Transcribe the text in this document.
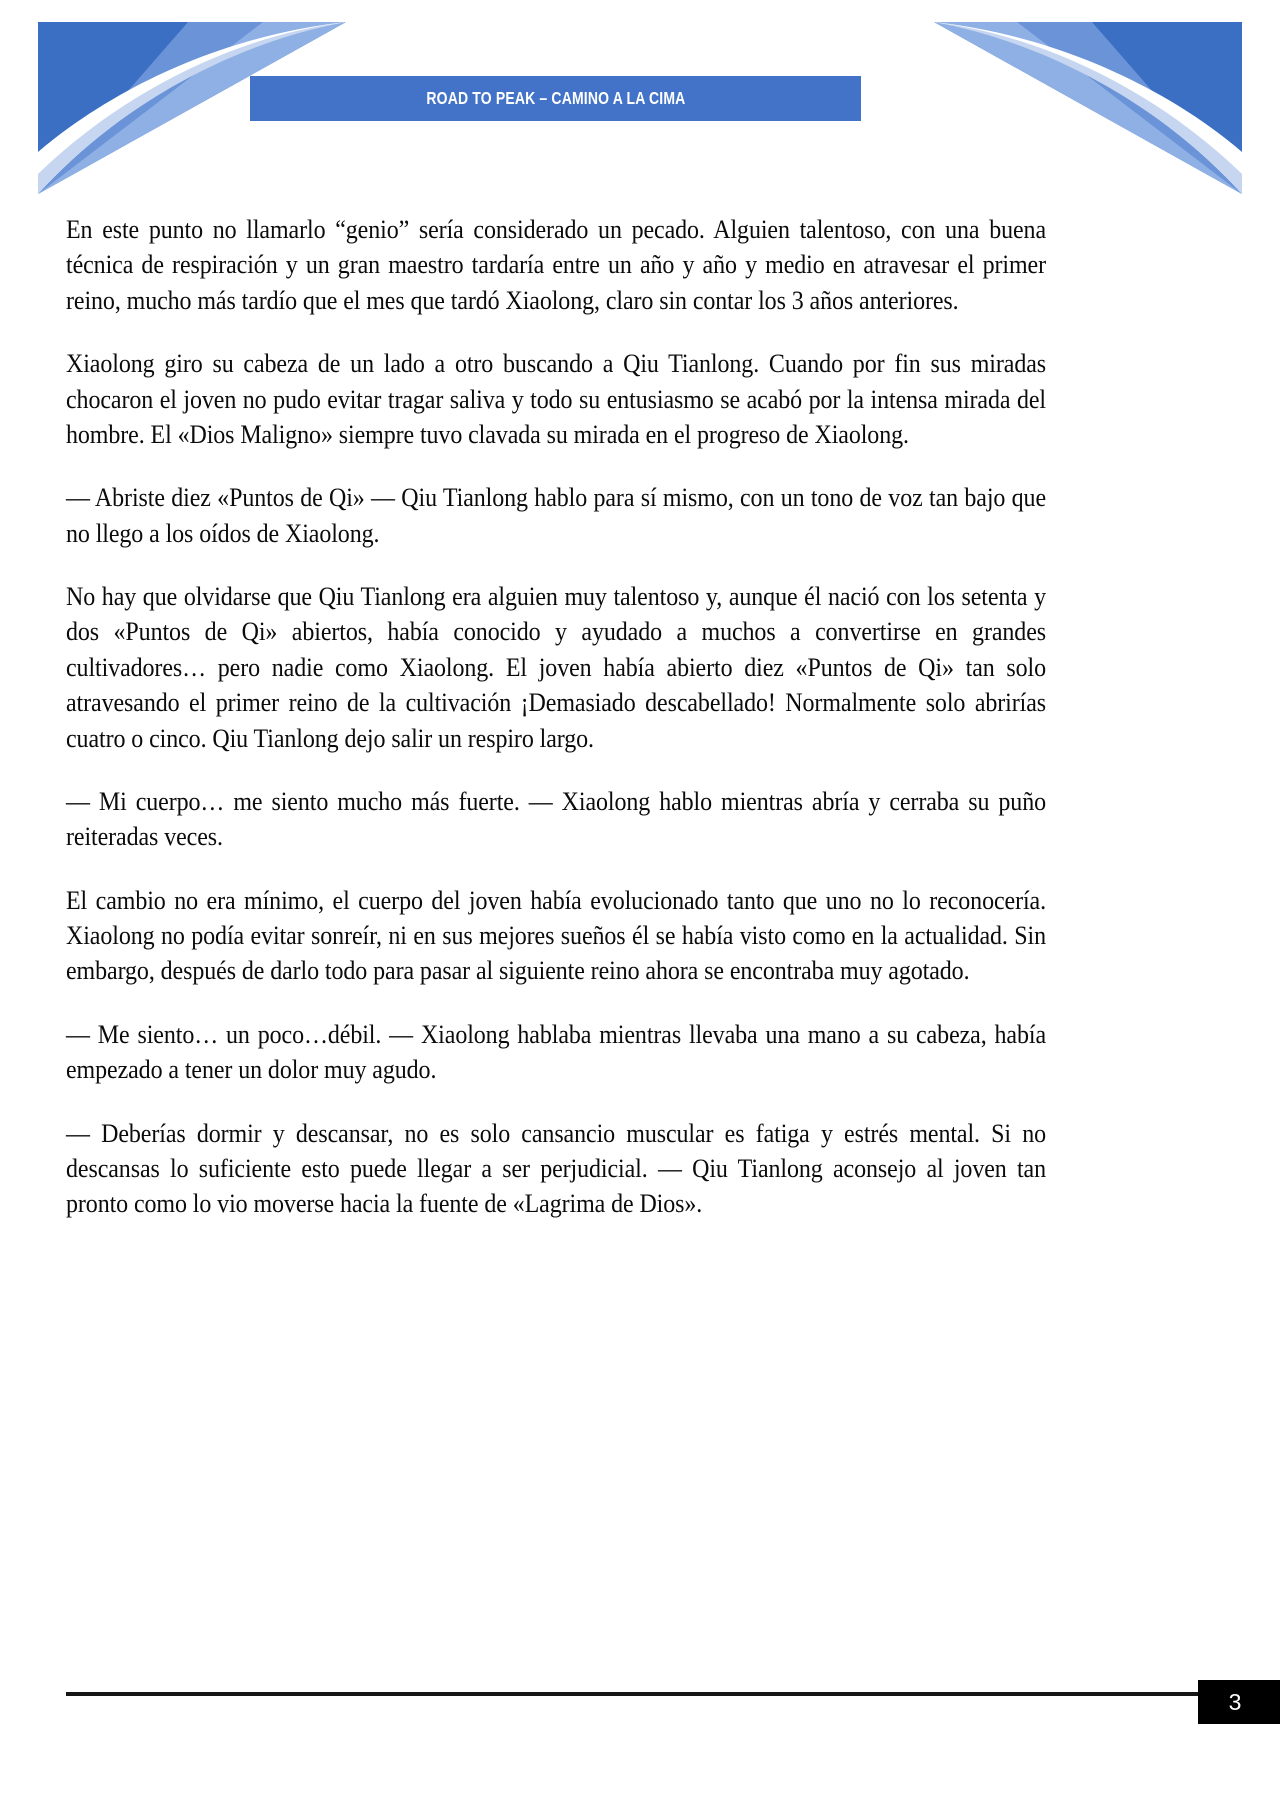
ROAD TO PEAK – CAMINO A LA CIMA

En este punto no llamarlo “genio” sería considerado un pecado. Alguien talentoso, con una buena técnica de respiración y un gran maestro tardaría entre un año y año y medio en atravesar el primer reino, mucho más tardío que el mes que tardó Xiaolong, claro sin contar los 3 años anteriores.

Xiaolong giro su cabeza de un lado a otro buscando a Qiu Tianlong. Cuando por fin sus miradas chocaron el joven no pudo evitar tragar saliva y todo su entusiasmo se acabó por la intensa mirada del hombre. El «Dios Maligno» siempre tuvo clavada su mirada en el progreso de Xiaolong.

— Abriste diez «Puntos de Qi» — Qiu Tianlong hablo para sí mismo, con un tono de voz tan bajo que no llego a los oídos de Xiaolong.

No hay que olvidarse que Qiu Tianlong era alguien muy talentoso y, aunque él nació con los setenta y dos «Puntos de Qi» abiertos, había conocido y ayudado a muchos a convertirse en grandes cultivadores… pero nadie como Xiaolong. El joven había abierto diez «Puntos de Qi» tan solo atravesando el primer reino de la cultivación ¡Demasiado descabellado! Normalmente solo abrirías cuatro o cinco. Qiu Tianlong dejo salir un respiro largo.

— Mi cuerpo… me siento mucho más fuerte. — Xiaolong hablo mientras abría y cerraba su puño reiteradas veces.

El cambio no era mínimo, el cuerpo del joven había evolucionado tanto que uno no lo reconocería. Xiaolong no podía evitar sonreír, ni en sus mejores sueños él se había visto como en la actualidad. Sin embargo, después de darlo todo para pasar al siguiente reino ahora se encontraba muy agotado.

— Me siento… un poco…débil. — Xiaolong hablaba mientras llevaba una mano a su cabeza, había empezado a tener un dolor muy agudo.

— Deberías dormir y descansar, no es solo cansancio muscular es fatiga y estrés mental. Si no descansas lo suficiente esto puede llegar a ser perjudicial. — Qiu Tianlong aconsejo al joven tan pronto como lo vio moverse hacia la fuente de «Lagrima de Dios».

3
